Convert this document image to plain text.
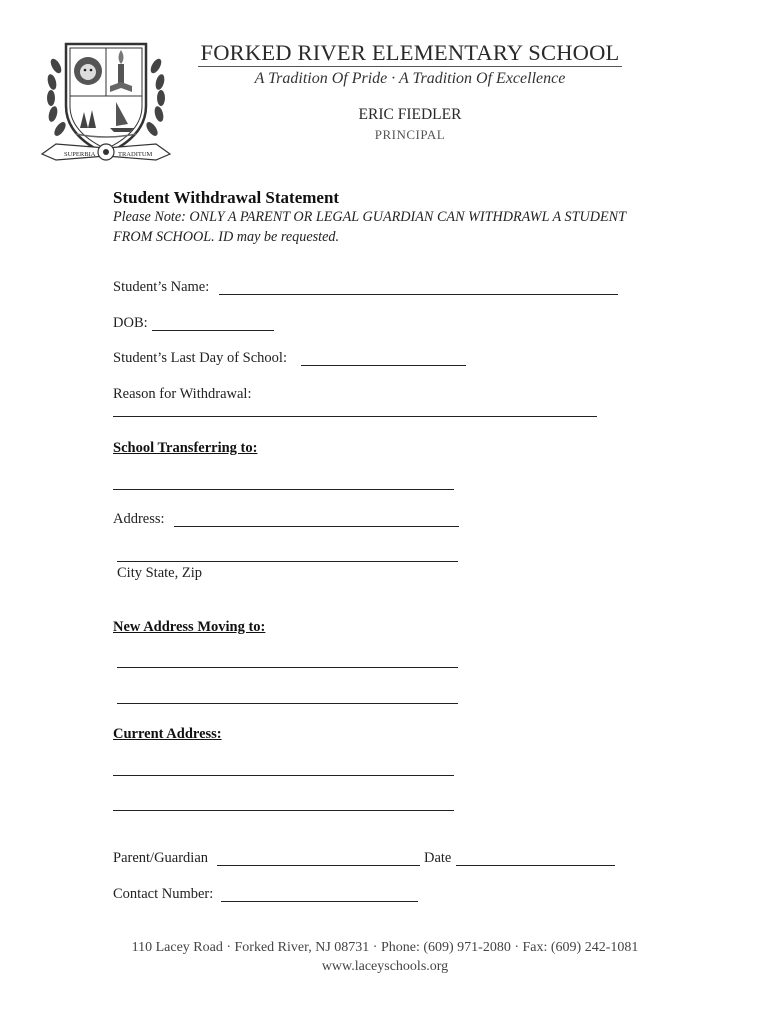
SUPERBIA	TRADITUM
FORKED RIVER ELEMENTARY SCHOOL
A Tradition Of Pride · A Tradition Of Excellence
ERIC FIEDLER
PRINCIPAL
Student Withdrawal Statement
Please Note: ONLY A PARENT OR LEGAL GUARDIAN CAN WITHDRAWL A STUDENT FROM SCHOOL. ID may be requested.
Student’s Name:
DOB:
Student’s Last Day of School:
Reason for Withdrawal:
School Transferring to:
Address:
City State, Zip
New Address Moving to:
Current Address:
Parent/Guardian	Date
Contact Number:
110 Lacey Road · Forked River, NJ 08731 · Phone: (609) 971-2080 · Fax: (609) 242-1081
www.laceyschools.org
